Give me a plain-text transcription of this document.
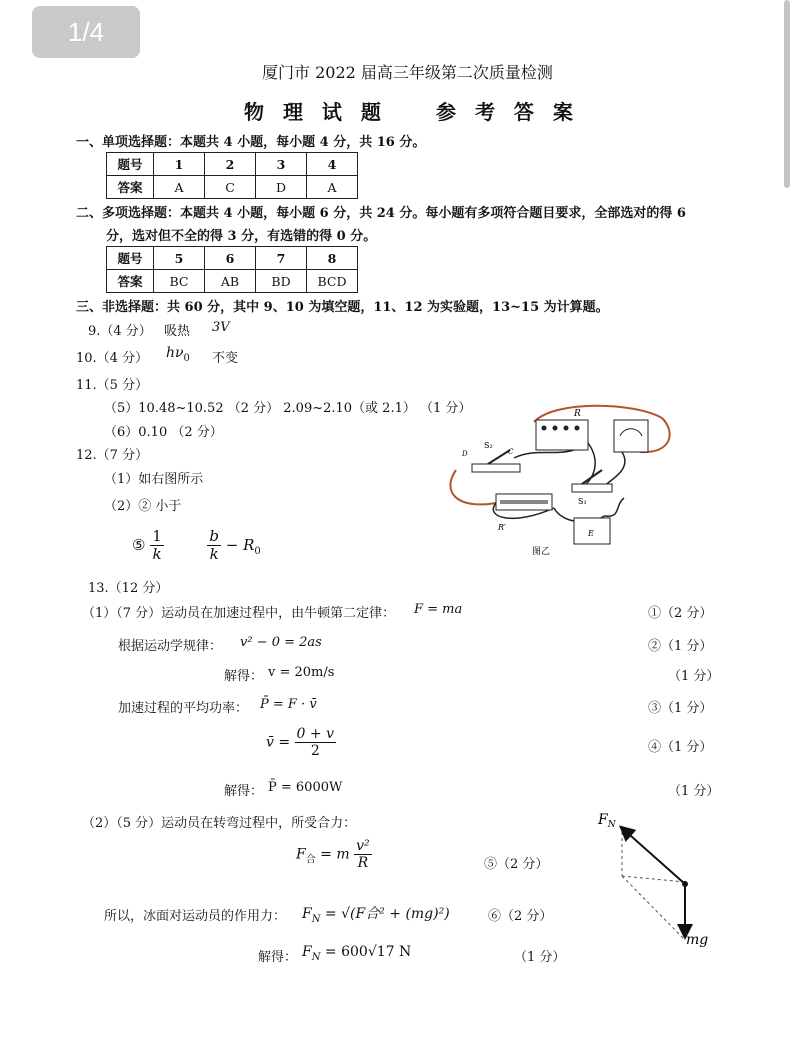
1/4
厦门市 2022 届高三年级第二次质量检测
物 理 试 题 参 考 答 案
一、单项选择题：本题共 4 小题，每小题 4 分，共 16 分。
题号	1	2	3	4
答案	A	C	D	A
二、多项选择题：本题共 4 小题，每小题 6 分，共 24 分。每小题有多项符合题目要求，全部选对的得 6
分，选对但不全的得 3 分，有选错的得 0 分。
题号	5	6	7	8
答案	BC	AB	BD	BCD
三、非选择题：共 60 分，其中 9、10 为填空题，11、12 为实验题，13~15 为计算题。
9.（4 分） 吸热 3V
10.（4 分） $h\nu_0$ 不变
11.（5 分）
（5）10.48~10.52 （2 分） 2.09~2.10（或 2.1） （1 分）
（6）0.10 （2 分）
12.（7 分）
（1）如右图所示
（2）② 小于
⑤ $\frac{1}{k}$
	$\frac{b}{k} - R_0$
R
S₂
D	C
S₁
R′
E
图乙
13.（12 分）
（1）（7 分）运动员在加速过程中，由牛顿第二定律： F = ma	①（2 分）
根据运动学规律： v² − 0 = 2as	②（1 分）
解得： v = 20m/s	（1 分）
加速过程的平均功率： P̄ = F · v̄	③（1 分）
v̄ = $\frac{0 + v}{2}$	④（1 分）
解得： P̄ = 6000W	（1 分）
（2）（5 分）运动员在转弯过程中，所受合力：
$F_合 = m \frac{\text{v²}}{R}$	⑤（2 分）
所以，冰面对运动员的作用力： $F_N = √(F$合² + (mg)²)	⑥（2 分）
解得： $F_N = 600√17$ N	（1 分）
$F_N$
mg
